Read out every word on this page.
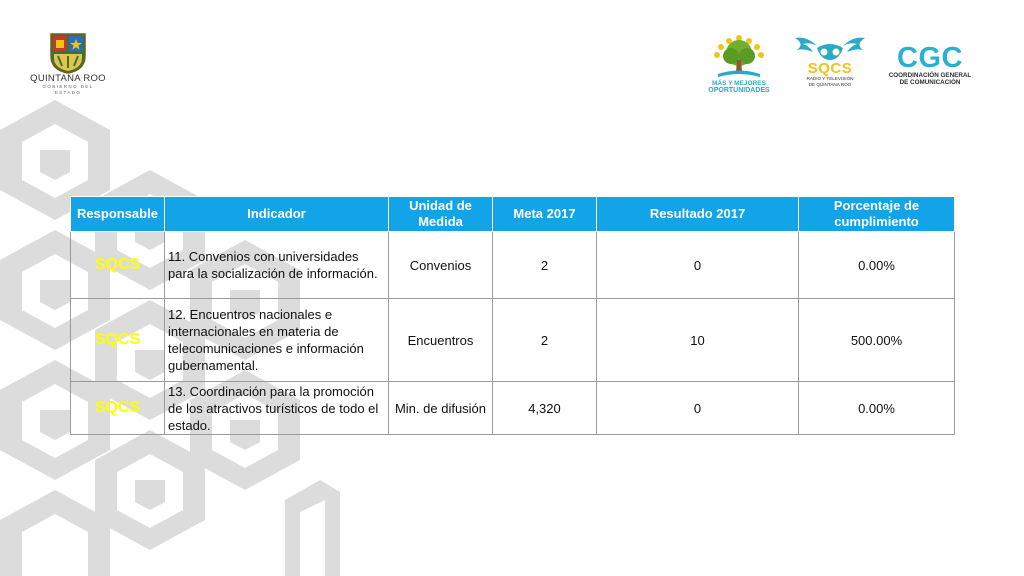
QUINTANA ROO
GOBIERNO DEL ESTADO
MÁS Y MEJORES
OPORTUNIDADES
SQCS
RADIO Y TELEVISIÓN
DE QUINTANA ROO
CGC
COORDINACIÓN GENERAL
DE COMUNICACIÓN
Responsable	Indicador	Unidad de Medida	Meta 2017	Resultado 2017	Porcentaje de cumplimiento
SQCS	11. Convenios con universidades para la socialización de información.	Convenios	2	0	0.00%
SQCS	12. Encuentros nacionales e internacionales en materia de telecomunicaciones e información gubernamental.	Encuentros	2	10	500.00%
SQCS	13. Coordinación para la promoción de los atractivos turísticos de todo el estado.	Min. de difusión	4,320	0	0.00%
